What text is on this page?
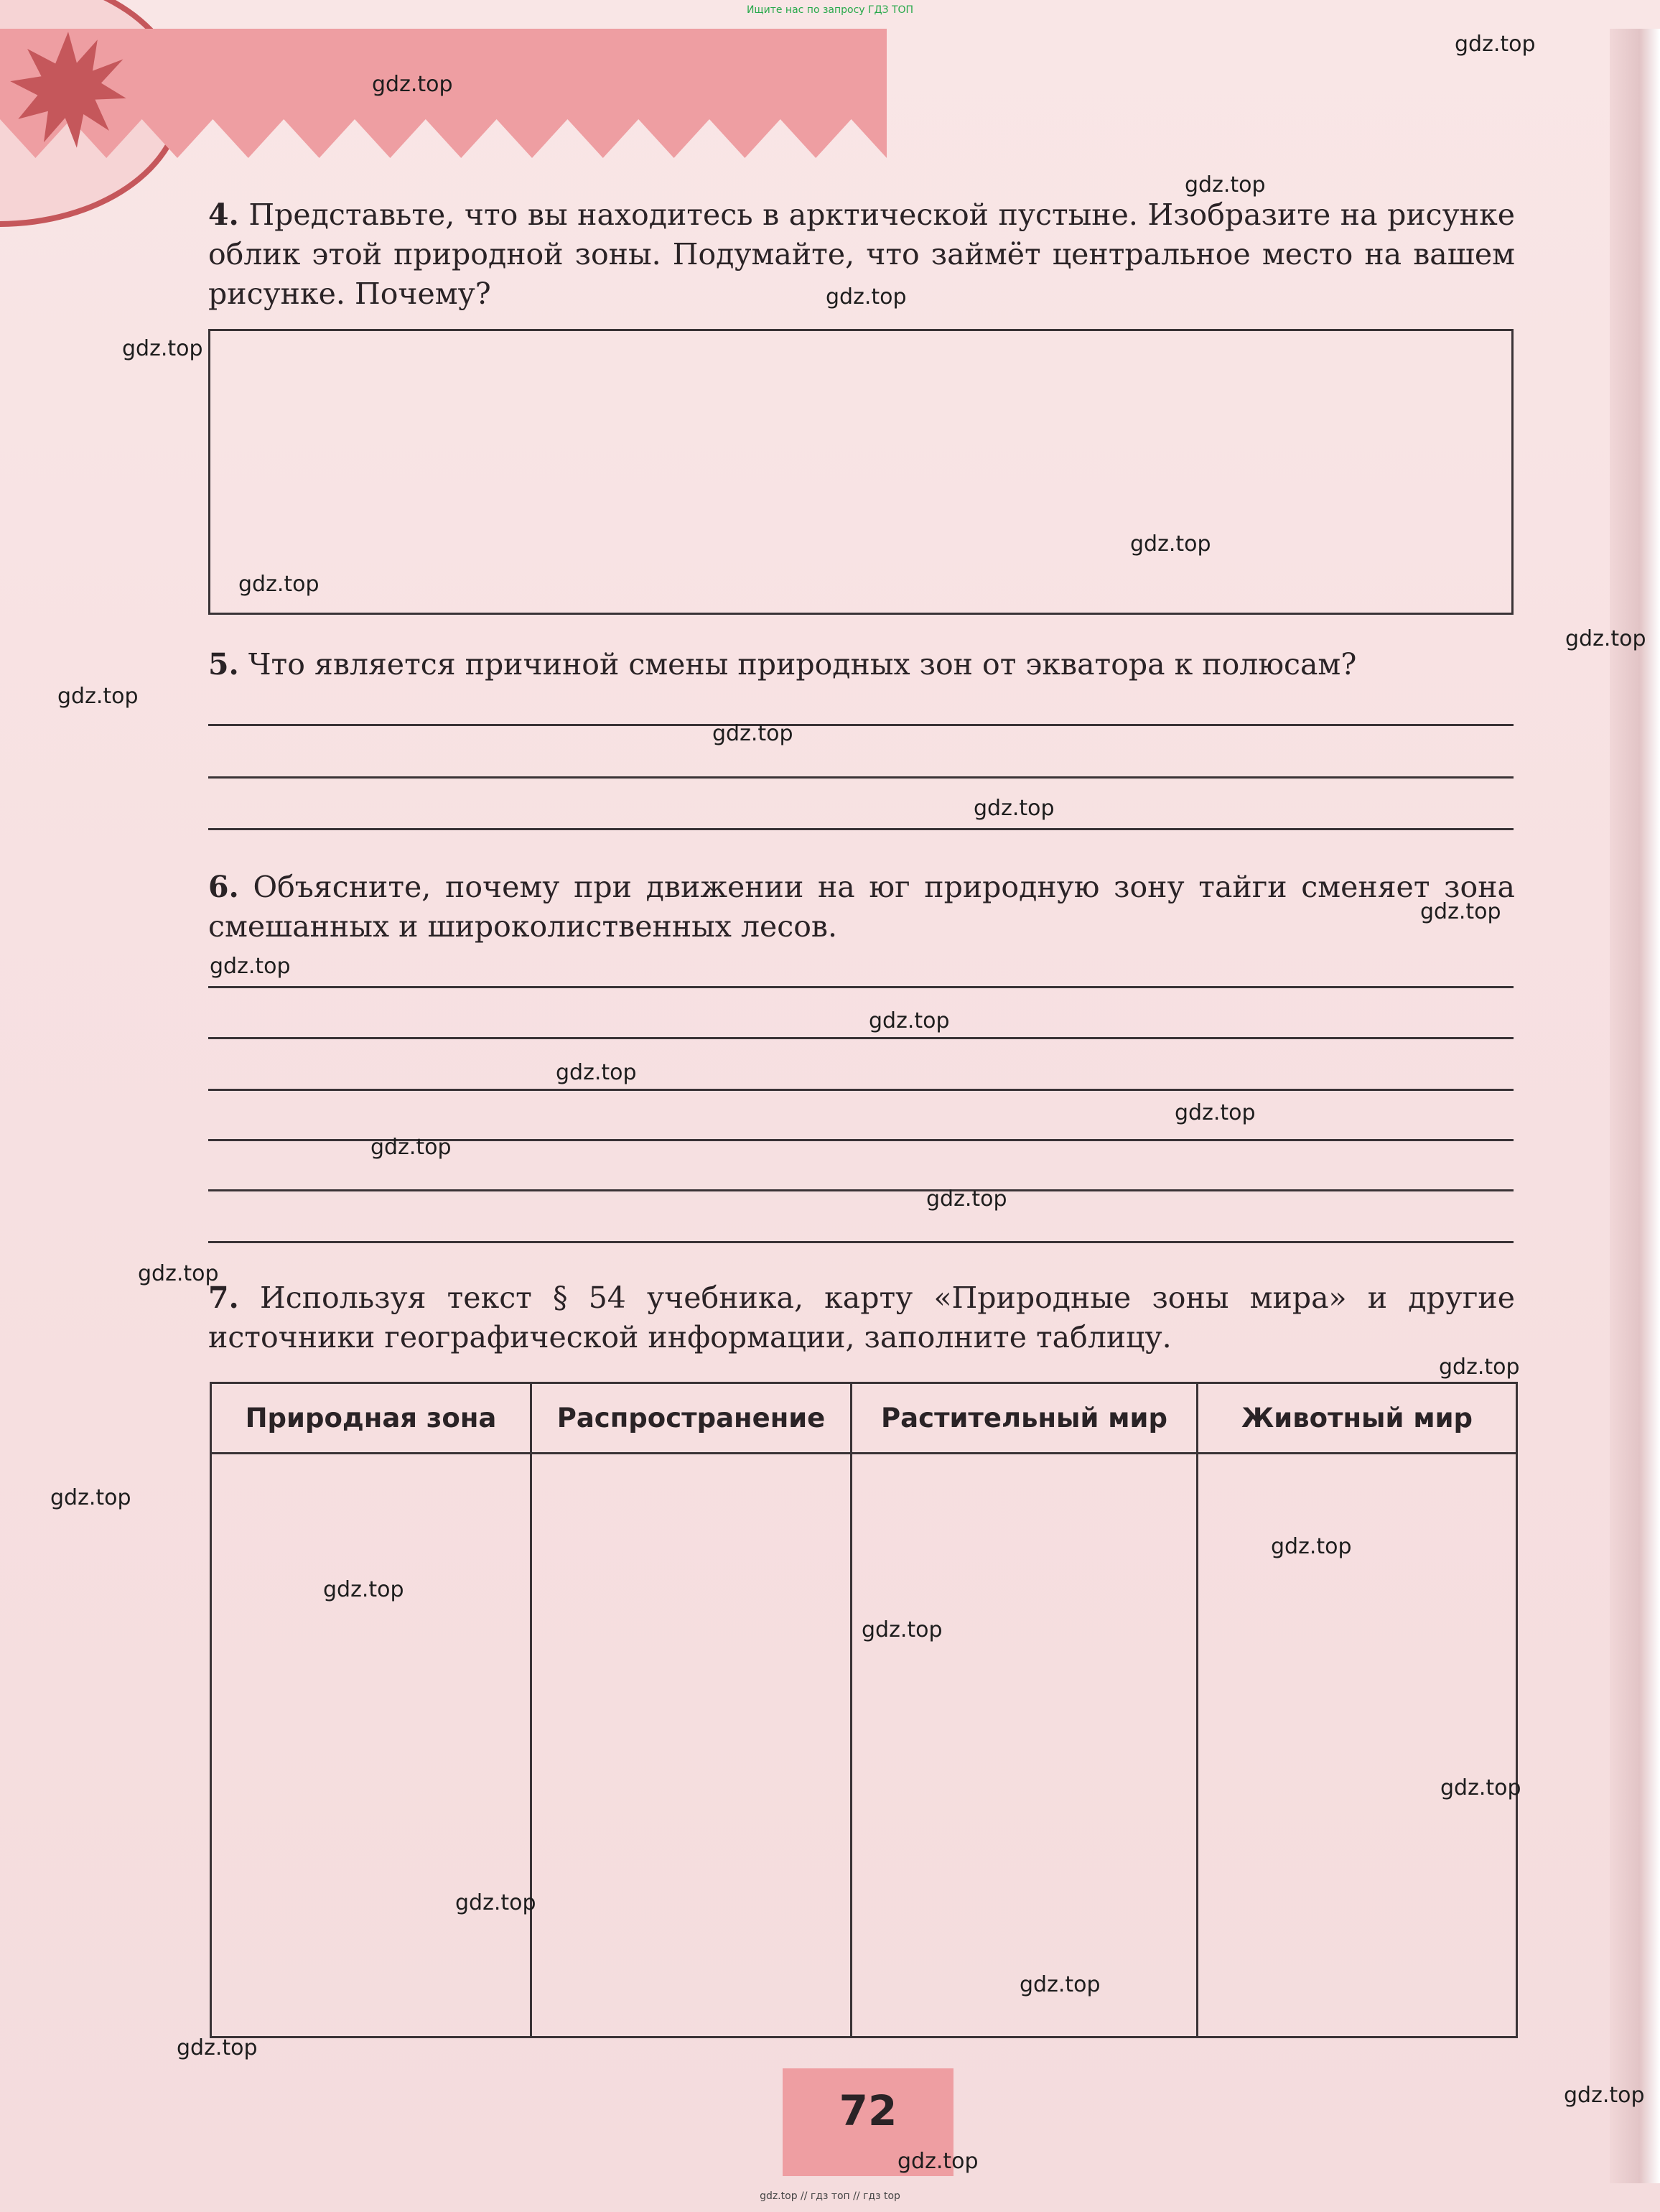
Ищите нас по запросу ГДЗ ТОП
4. Представьте, что вы находитесь в арктической пустыне. Изобразите на рисунке облик этой природной зоны. Подумайте, что займёт центральное место на вашем рисунке. Почему?
5. Что является причиной смены природных зон от экватора к полюсам?
6. Объясните, почему при движении на юг природную зону тайги сменяет зона смешанных и широколиственных лесов.
7. Используя текст § 54 учебника, карту «Природные зоны мира» и другие источники географической информации, заполните таблицу.
Природная зона	Распространение	Растительный мир	Животный мир
72
gdz.top
gdz.top
gdz.top
gdz.top
gdz.top
gdz.top
gdz.top
gdz.top
gdz.top
gdz.top
gdz.top
gdz.top
gdz.top
gdz.top
gdz.top
gdz.top
gdz.top
gdz.top
gdz.top
gdz.top
gdz.top
gdz.top
gdz.top
gdz.top
gdz.top
gdz.top
gdz.top
gdz.top
gdz.top
gdz.top
gdz.top // гдз топ // гдз top
